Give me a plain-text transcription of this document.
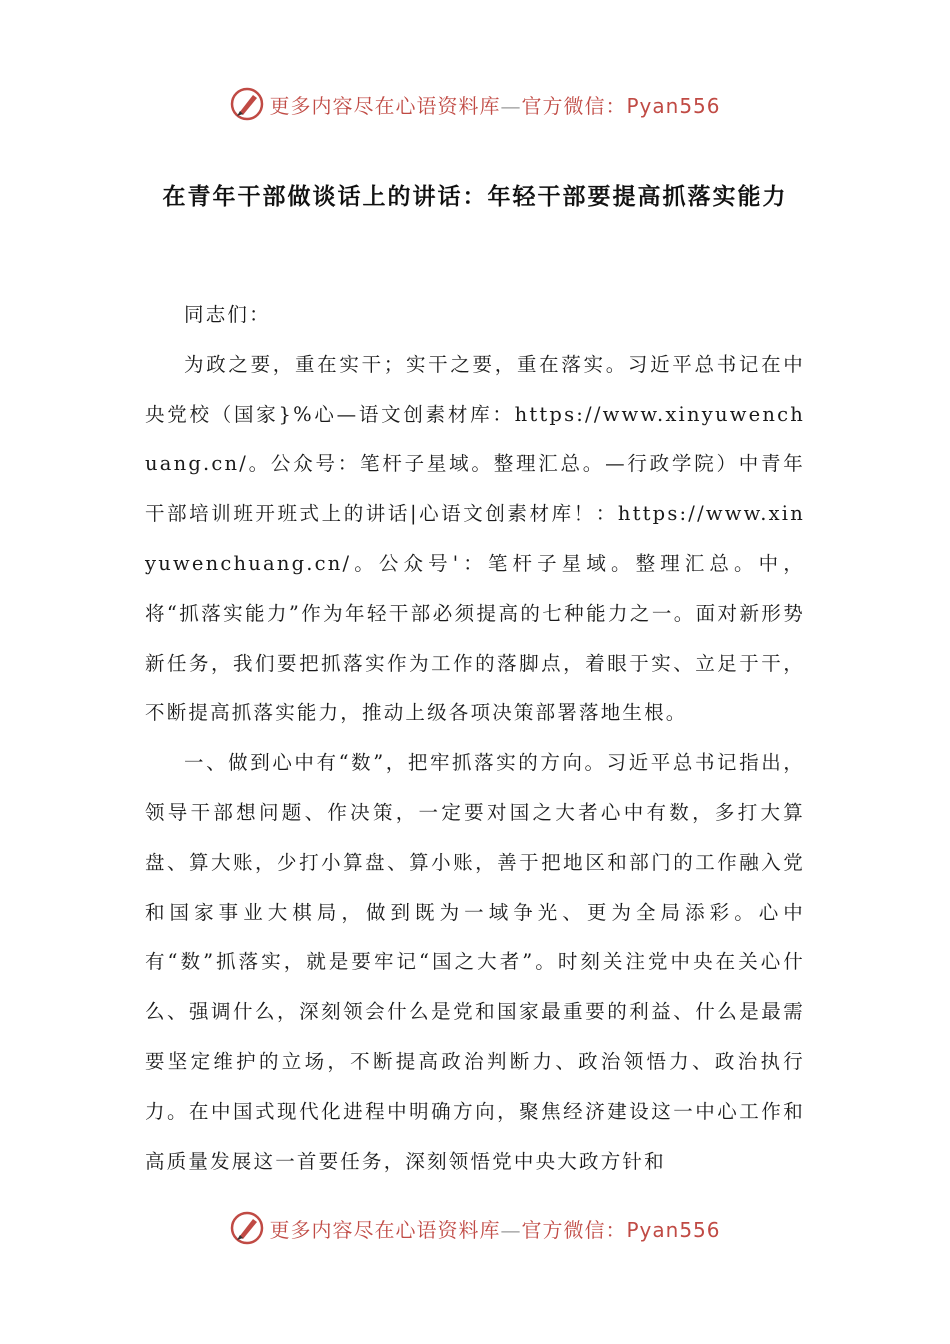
更多内容尽在心语资料库—官方微信：Pyan556
在青年干部做谈话上的讲话：年轻干部要提高抓落实能力

同志们：

为政之要，重在实干；实干之要，重在落实。习近平总书记在中央党校（国家}%心—语文创素材库：https://www.xinyuwenchuang.cn/。公众号：笔杆子星域。整理汇总。—行政学院）中青年干部培训班开班式上的讲话|心语文创素材库！：https://www.xinyuwenchuang.cn/。公众号'：笔杆子星域。整理汇总。中，将“抓落实能力”作为年轻干部必须提高的七种能力之一。面对新形势新任务，我们要把抓落实作为工作的落脚点，着眼于实、立足于干，不断提高抓落实能力，推动上级各项决策部署落地生根。

一、做到心中有“数”，把牢抓落实的方向。习近平总书记指出，领导干部想问题、作决策，一定要对国之大者心中有数，多打大算盘、算大账，少打小算盘、算小账，善于把地区和部门的工作融入党和国家事业大棋局，做到既为一域争光、更为全局添彩。心中有“数”抓落实，就是要牢记“国之大者”。时刻关注党中央在关心什么、强调什么，深刻领会什么是党和国家最重要的利益、什么是最需要坚定维护的立场，不断提高政治判断力、政治领悟力、政治执行力。在中国式现代化进程中明确方向，聚焦经济建设这一中心工作和高质量发展这一首要任务，深刻领悟党中央大政方针和

更多内容尽在心语资料库—官方微信：Pyan556
